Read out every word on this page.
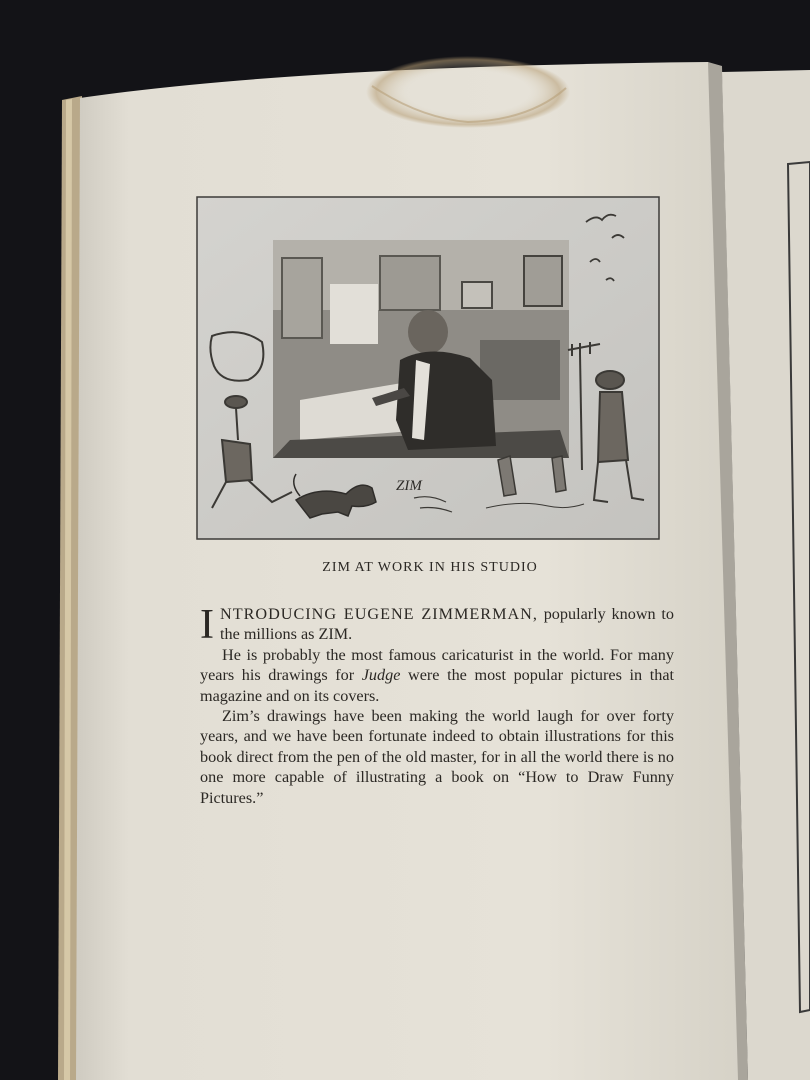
ZIM
ZIM AT WORK IN HIS STUDIO

INTRODUCING EUGENE ZIMMERMAN, popularly known to the millions as ZIM.

He is probably the most famous caricaturist in the world. For many years his drawings for Judge were the most popular pictures in that magazine and on its covers.

Zim’s drawings have been making the world laugh for over forty years, and we have been fortunate indeed to obtain illustrations for this book direct from the pen of the old master, for in all the world there is no one more capable of illustrating a book on “How to Draw Funny Pictures.”
